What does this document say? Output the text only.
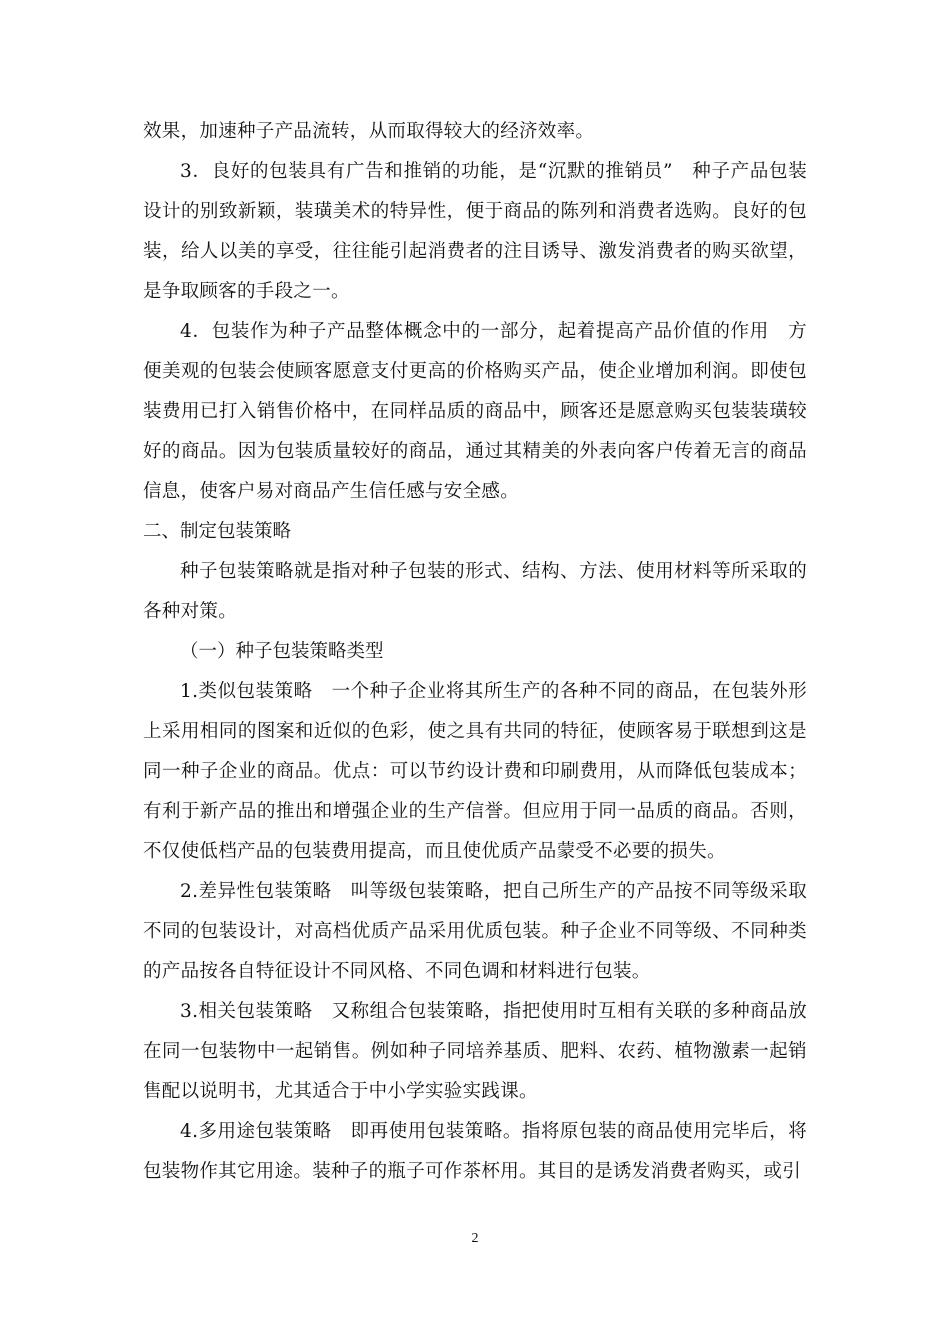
效果，加速种子产品流转，从而取得较大的经济效率。

3．良好的包装具有广告和推销的功能，是“沉默的推销员”　种子产品包装设计的别致新颖，装璜美术的特异性，便于商品的陈列和消费者选购。良好的包装，给人以美的享受，往往能引起消费者的注目诱导、激发消费者的购买欲望，是争取顾客的手段之一。

4．包装作为种子产品整体概念中的一部分，起着提高产品价值的作用　方便美观的包装会使顾客愿意支付更高的价格购买产品，使企业增加利润。即使包装费用已打入销售价格中，在同样品质的商品中，顾客还是愿意购买包装装璜较好的商品。因为包装质量较好的商品，通过其精美的外表向客户传着无言的商品信息，使客户易对商品产生信任感与安全感。

二、制定包装策略

种子包装策略就是指对种子包装的形式、结构、方法、使用材料等所采取的各种对策。

（一）种子包装策略类型

1.类似包装策略　一个种子企业将其所生产的各种不同的商品，在包装外形上采用相同的图案和近似的色彩，使之具有共同的特征，使顾客易于联想到这是同一种子企业的商品。优点：可以节约设计费和印刷费用，从而降低包装成本；有利于新产品的推出和增强企业的生产信誉。但应用于同一品质的商品。否则，不仅使低档产品的包装费用提高，而且使优质产品蒙受不必要的损失。

2.差异性包装策略　叫等级包装策略，把自己所生产的产品按不同等级采取不同的包装设计，对高档优质产品采用优质包装。种子企业不同等级、不同种类的产品按各自特征设计不同风格、不同色调和材料进行包装。

3.相关包装策略　又称组合包装策略，指把使用时互相有关联的多种商品放在同一包装物中一起销售。例如种子同培养基质、肥料、农药、植物激素一起销售配以说明书，尤其适合于中小学实验实践课。

4.多用途包装策略　即再使用包装策略。指将原包装的商品使用完毕后，将包装物作其它用途。装种子的瓶子可作茶杯用。其目的是诱发消费者购买，或引

2
